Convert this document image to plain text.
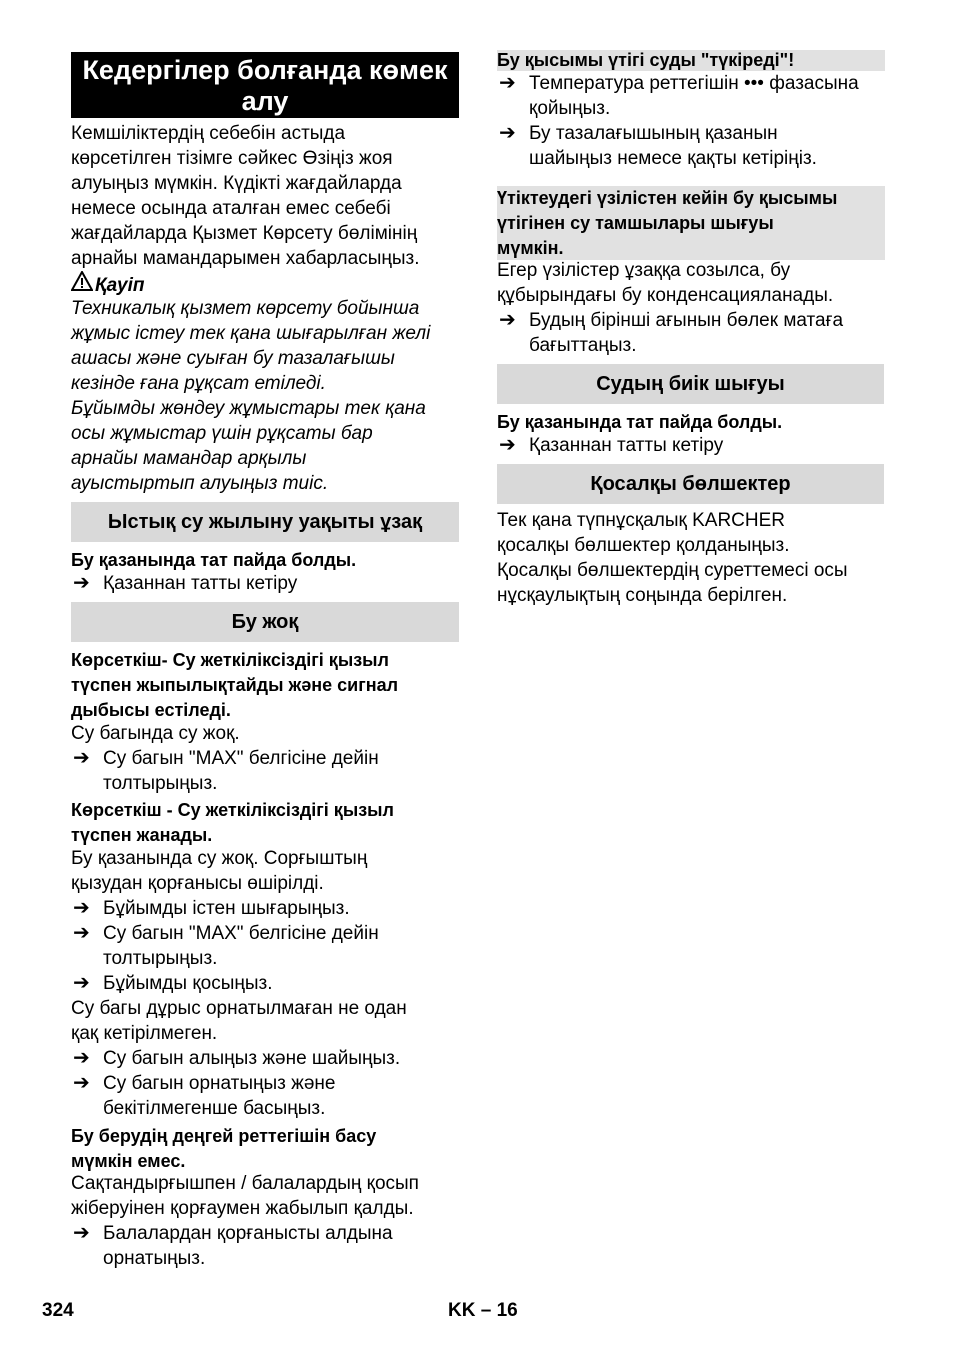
Кедергілер болғанда көмек алу
Кемшіліктердің себебін астыда
көрсетілген тізімге сәйкес Өзіңіз жоя
алуыңыз мүмкін. Күдікті жағдайларда
немесе осында аталған емес себебі
жағдайларда Қызмет Көрсету бөлімінің
арнайы мамандарымен хабарласыңыз.
Қауіп
Техникалық қызмет көрсету бойынша
жұмыс істеу тек қана шығарылған желі
ашасы және суыған бу тазалағышы
кезінде ғана рұқсат етіледі.
Бұйымды жөндеу жұмыстары тек қана
осы жұмыстар үшін рұқсаты бар
арнайы мамандар арқылы
ауыстыртып алуыңыз тиіс.
Ыстық су жылыну уақыты ұзақ
Бу қазанында тат пайда болды.
➔ Қазаннан татты кетіру
Бу жоқ
Көрсеткіш- Су жеткіліксіздігі қызыл
түспен жыпылықтайды және сигнал
дыбысы естіледі.
Су багында су жоқ.
➔ Су багын "MAX" белгісіне дейін
толтырыңыз.
Көрсеткіш - Су жеткіліксіздігі қызыл
түспен жанады.
Бу қазанында су жоқ. Сорғыштың
қызудан қорғанысы өшірілді.
➔ Бұйымды істен шығарыңыз.
➔ Су багын "MAX" белгісіне дейін
толтырыңыз.
➔ Бұйымды қосыңыз.
Су багы дұрыс орнатылмаған не одан
қақ кетірілмеген.
➔ Су багын алыңыз және шайыңыз.
➔ Су багын орнатыңыз және
бекітілмегенше басыңыз.
Бу берудің деңгей реттегішін басу
мүмкін емес.
Сақтандырғышпен / балалардың қосып
жіберуінен қорғаумен жабылып қалды.
➔ Балалардан қорғанысты алдына
орнатыңыз.
Бу қысымы үтігі суды "түкіреді"!
➔ Температура реттегішін ••• фазасына
қойыңыз.
➔ Бу тазалағышының қазанын
шайыңыз немесе қақты кетіріңіз.
Үтіктеудегі үзілістен кейін бу қысымы
үтігінен су тамшылары шығуы
мүмкін.
Егер үзілістер ұзаққа созылса, бу
құбырындағы бу конденсацияланады.
➔ Будың бірінші ағынын бөлек матаға
бағыттаңыз.
Судың биік шығуы
Бу қазанында тат пайда болды.
➔ Қазаннан татты кетіру
Қосалқы бөлшектер
Тек қана түпнұсқалық KARCHER
қосалқы бөлшектер қолданыңыз.
Қосалқы бөлшектердің суреттемесі осы
нұсқаулықтың соңында берілген.
324	KK – 16
